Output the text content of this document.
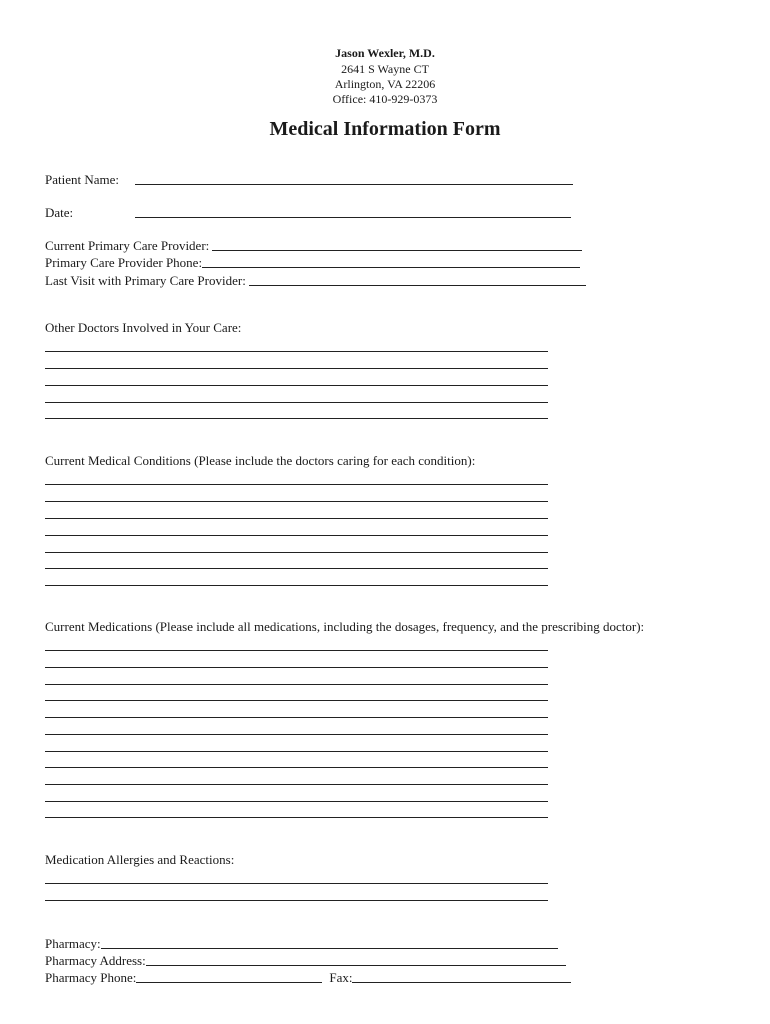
Jason Wexler, M.D.
2641 S Wayne CT
Arlington, VA 22206
Office: 410-929-0373
Medical Information Form
Patient Name:
Date:
Current Primary Care Provider:
Primary Care Provider Phone:
Last Visit with Primary Care Provider:
Other Doctors Involved in Your Care:
Current Medical Conditions (Please include the doctors caring for each condition):
Current Medications (Please include all medications, including the dosages, frequency, and the prescribing doctor):
Medication Allergies and Reactions:
Pharmacy:
Pharmacy Address:
Pharmacy Phone:	Fax:
